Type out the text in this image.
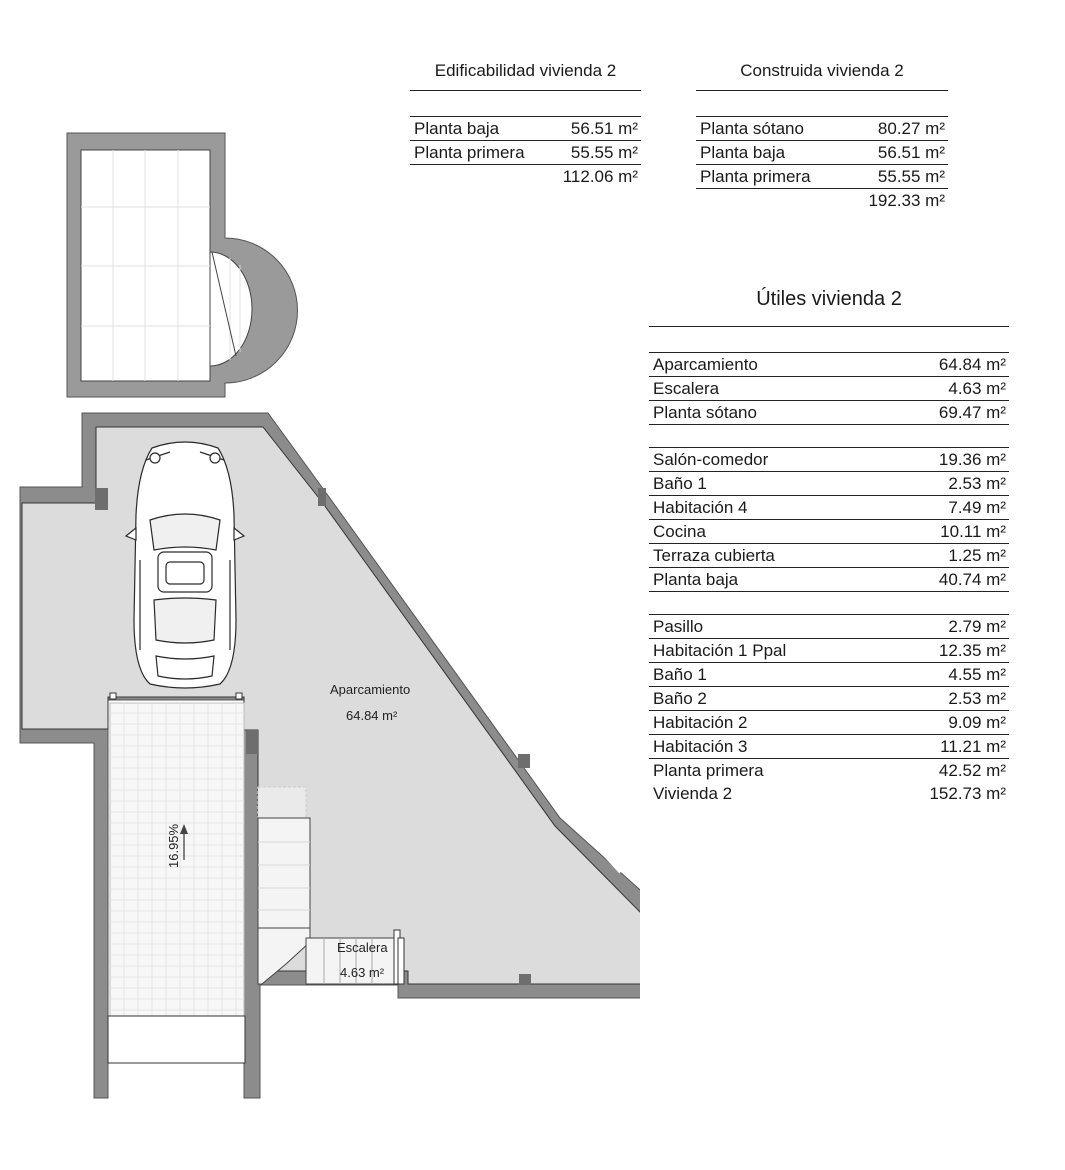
16.95%
Escalera
4.63 m²
Aparcamiento
64.84 m²
Edificabilidad vivienda 2
Planta baja	56.51 m²
Planta primera	55.55 m²
112.06 m²
Construida vivienda 2
Planta sótano	80.27 m²
Planta baja	56.51 m²
Planta primera	55.55 m²
192.33 m²
Útiles vivienda 2
Aparcamiento	64.84 m²
Escalera	4.63 m²
Planta sótano	69.47 m²
Salón-comedor	19.36 m²
Baño 1	2.53 m²
Habitación 4	7.49 m²
Cocina	10.11 m²
Terraza cubierta	1.25 m²
Planta baja	40.74 m²
Pasillo	2.79 m²
Habitación 1 Ppal	12.35 m²
Baño 1	4.55 m²
Baño 2	2.53 m²
Habitación 2	9.09 m²
Habitación 3	11.21 m²
Planta primera	42.52 m²
Vivienda 2	152.73 m²
